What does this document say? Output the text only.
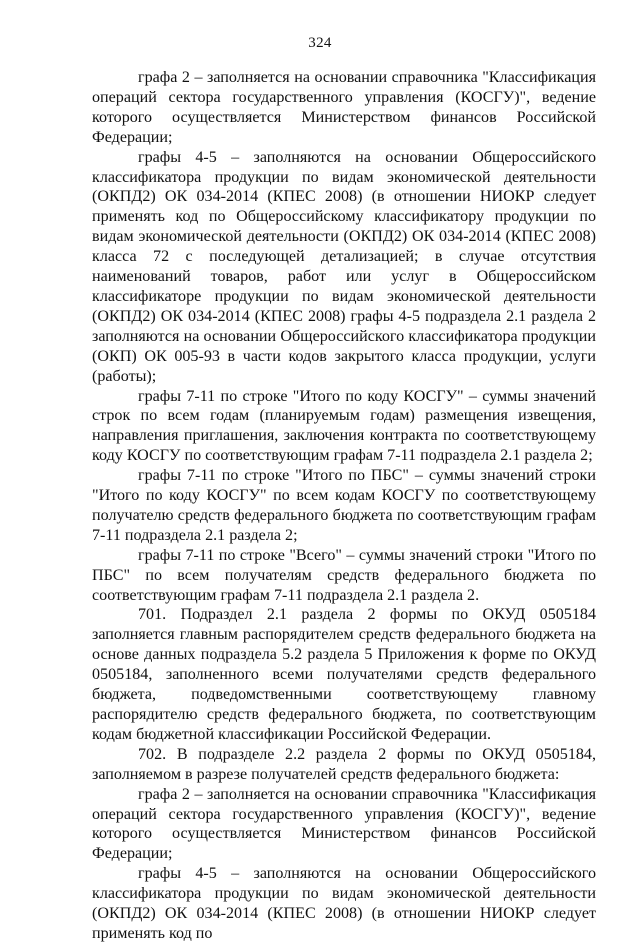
324

графа 2 – заполняется на основании справочника "Классификация операций сектора государственного управления (КОСГУ)", ведение которого осуществляется Министерством финансов Российской Федерации;

графы 4-5 – заполняются на основании Общероссийского классификатора продукции по видам экономической деятельности (ОКПД2) ОК 034-2014 (КПЕС 2008) (в отношении НИОКР следует применять код по Общероссийскому классификатору продукции по видам экономической деятельности (ОКПД2) ОК 034-2014 (КПЕС 2008) класса 72 с последующей детализацией; в случае отсутствия наименований товаров, работ или услуг в Общероссийском классификаторе продукции по видам экономической деятельности (ОКПД2) ОК 034-2014 (КПЕС 2008) графы 4-5 подраздела 2.1 раздела 2 заполняются на основании Общероссийского классификатора продукции (ОКП) ОК 005-93 в части кодов закрытого класса продукции, услуги (работы);

графы 7-11 по строке "Итого по коду КОСГУ" – суммы значений строк по всем годам (планируемым годам) размещения извещения, направления приглашения, заключения контракта по соответствующему коду КОСГУ по соответствующим графам 7-11 подраздела 2.1 раздела 2;

графы 7-11 по строке "Итого по ПБС" – суммы значений строки "Итого по коду КОСГУ" по всем кодам КОСГУ по соответствующему получателю средств федерального бюджета по соответствующим графам 7-11 подраздела 2.1 раздела 2;

графы 7-11 по строке "Всего" – суммы значений строки "Итого по ПБС" по всем получателям средств федерального бюджета по соответствующим графам 7-11 подраздела 2.1 раздела 2.

701. Подраздел 2.1 раздела 2 формы по ОКУД 0505184 заполняется главным распорядителем средств федерального бюджета на основе данных подраздела 5.2 раздела 5 Приложения к форме по ОКУД 0505184, заполненного всеми получателями средств федерального бюджета, подведомственными соответствующему главному распорядителю средств федерального бюджета, по соответствующим кодам бюджетной классификации Российской Федерации.

702. В подразделе 2.2 раздела 2 формы по ОКУД 0505184, заполняемом в разрезе получателей средств федерального бюджета:

графа 2 – заполняется на основании справочника "Классификация операций сектора государственного управления (КОСГУ)", ведение которого осуществляется Министерством финансов Российской Федерации;

графы 4-5 – заполняются на основании Общероссийского классификатора продукции по видам экономической деятельности (ОКПД2) ОК 034-2014 (КПЕС 2008) (в отношении НИОКР следует применять код по
